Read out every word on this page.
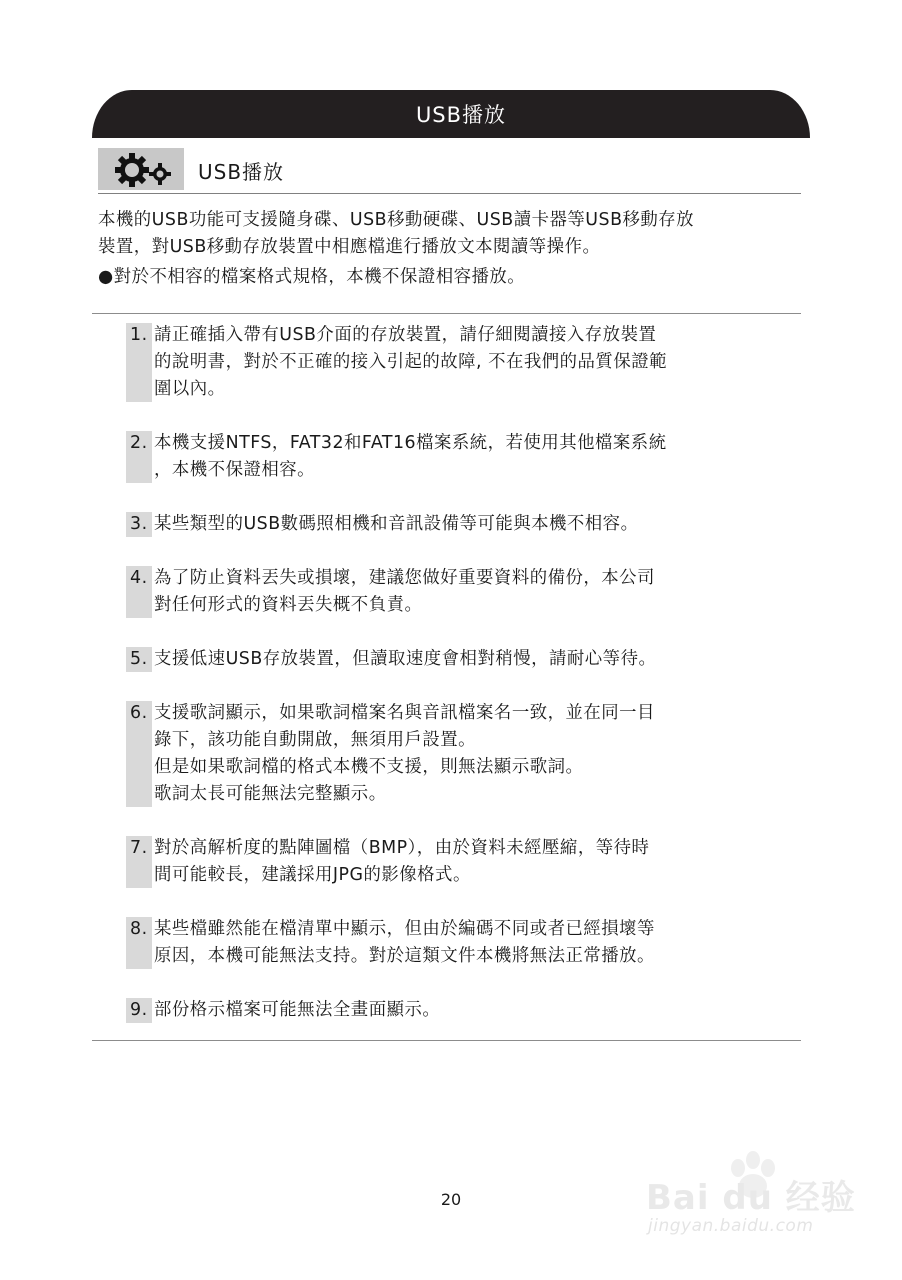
USB播放
USB播放

本機的USB功能可支援隨身碟、USB移動硬碟、USB讀卡器等USB移動存放

裝置，對USB移動存放裝置中相應檔進行播放文本閱讀等操作。

●對於不相容的檔案格式規格，本機不保證相容播放。

1. 請正確插入帶有USB介面的存放裝置，請仔細閱讀接入存放裝置
的說明書，對於不正確的接入引起的故障, 不在我們的品質保證範
圍以內。
2. 本機支援NTFS，FAT32和FAT16檔案系統，若使用其他檔案系統
，本機不保證相容。
3. 某些類型的USB數碼照相機和音訊設備等可能與本機不相容。
4. 為了防止資料丟失或損壞，建議您做好重要資料的備份，本公司
對任何形式的資料丟失概不負責。
5. 支援低速USB存放裝置，但讀取速度會相對稍慢，請耐心等待。
6. 支援歌詞顯示，如果歌詞檔案名與音訊檔案名一致，並在同一目
錄下，該功能自動開啟，無須用戶設置。
但是如果歌詞檔的格式本機不支援，則無法顯示歌詞。
歌詞太長可能無法完整顯示。
7. 對於高解析度的點陣圖檔（BMP），由於資料未經壓縮，等待時
間可能較長，建議採用JPG的影像格式。
8. 某些檔雖然能在檔清單中顯示，但由於編碼不同或者已經損壞等
原因，本機可能無法支持。對於這類文件本機將無法正常播放。
9. 部份格示檔案可能無法全畫面顯示。
20	Bai du 经验
jingyan.baidu.com
